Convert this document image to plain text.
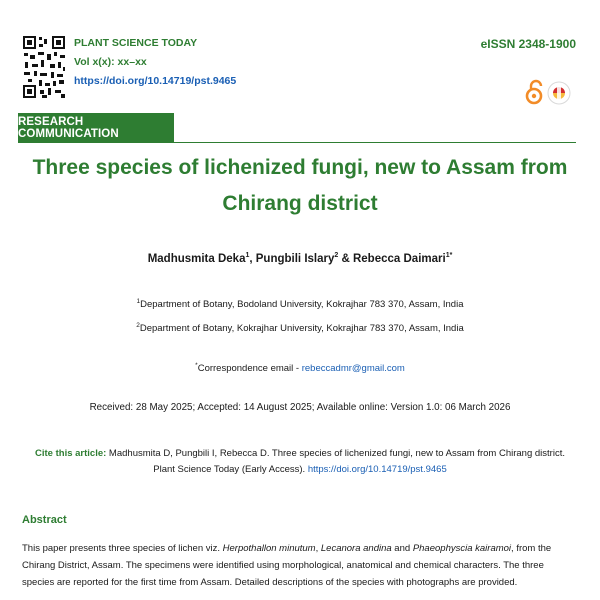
PLANT SCIENCE TODAY
Vol x(x): xx–xx
https://doi.org/10.14719/pst.9465
eISSN 2348-1900
RESEARCH COMMUNICATION
Three species of lichenized fungi, new to Assam from Chirang district
Madhusmita Deka$^1$, Pungbili Islary$^2$ & Rebecca Daimari$^{1*}$
$^1$Department of Botany, Bodoland University, Kokrajhar 783 370, Assam, India
$^2$Department of Botany, Kokrajhar University, Kokrajhar 783 370, Assam, India
*Correspondence email - rebeccadmr@gmail.com
Received: 28 May 2025; Accepted: 14 August 2025; Available online: Version 1.0: 06 March 2026
Cite this article: Madhusmita D, Pungbili I, Rebecca D. Three species of lichenized fungi, new to Assam from Chirang district.
Plant Science Today (Early Access). https://doi.org/10.14719/pst.9465
Abstract

This paper presents three species of lichen viz. Herpothallon minutum, Lecanora andina and Phaeophyscia kairamoi, from the Chirang District, Assam. The specimens were identified using morphological, anatomical and chemical characters. The three species are reported for the first time from Assam. Detailed descriptions of the species with photographs are provided.
